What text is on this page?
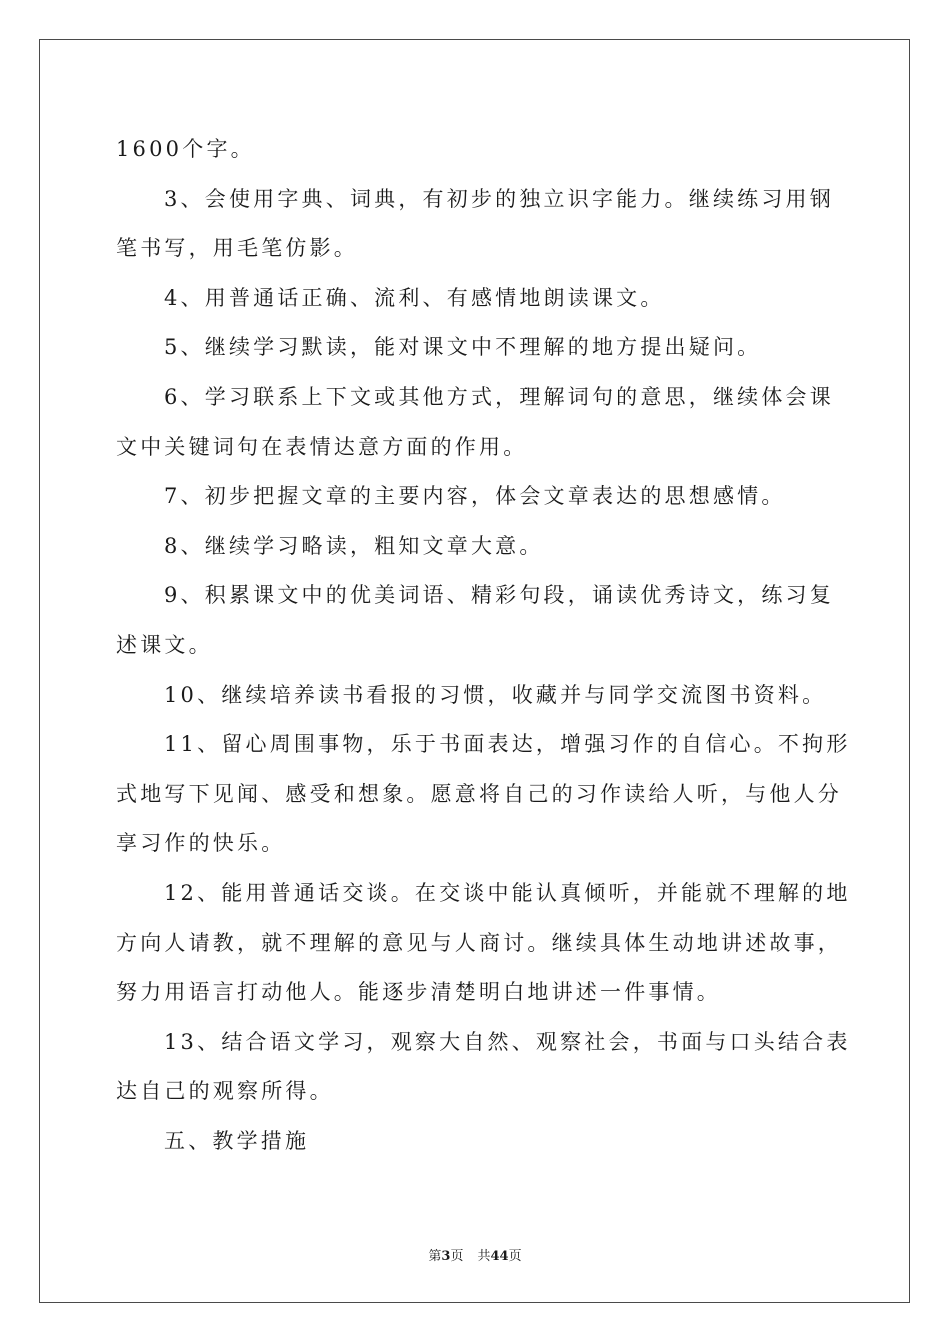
1600个字。
3、会使用字典、词典，有初步的独立识字能力。继续练习用钢
笔书写，用毛笔仿影。
4、用普通话正确、流利、有感情地朗读课文。
5、继续学习默读，能对课文中不理解的地方提出疑问。
6、学习联系上下文或其他方式，理解词句的意思，继续体会课
文中关键词句在表情达意方面的作用。
7、初步把握文章的主要内容，体会文章表达的思想感情。
8、继续学习略读，粗知文章大意。
9、积累课文中的优美词语、精彩句段，诵读优秀诗文，练习复
述课文。
10、继续培养读书看报的习惯，收藏并与同学交流图书资料。
11、留心周围事物，乐于书面表达，增强习作的自信心。不拘形
式地写下见闻、感受和想象。愿意将自己的习作读给人听，与他人分
享习作的快乐。
12、能用普通话交谈。在交谈中能认真倾听，并能就不理解的地
方向人请教，就不理解的意见与人商讨。继续具体生动地讲述故事，
努力用语言打动他人。能逐步清楚明白地讲述一件事情。
13、结合语文学习，观察大自然、观察社会，书面与口头结合表
达自己的观察所得。
五、教学措施
第3页 共44页
